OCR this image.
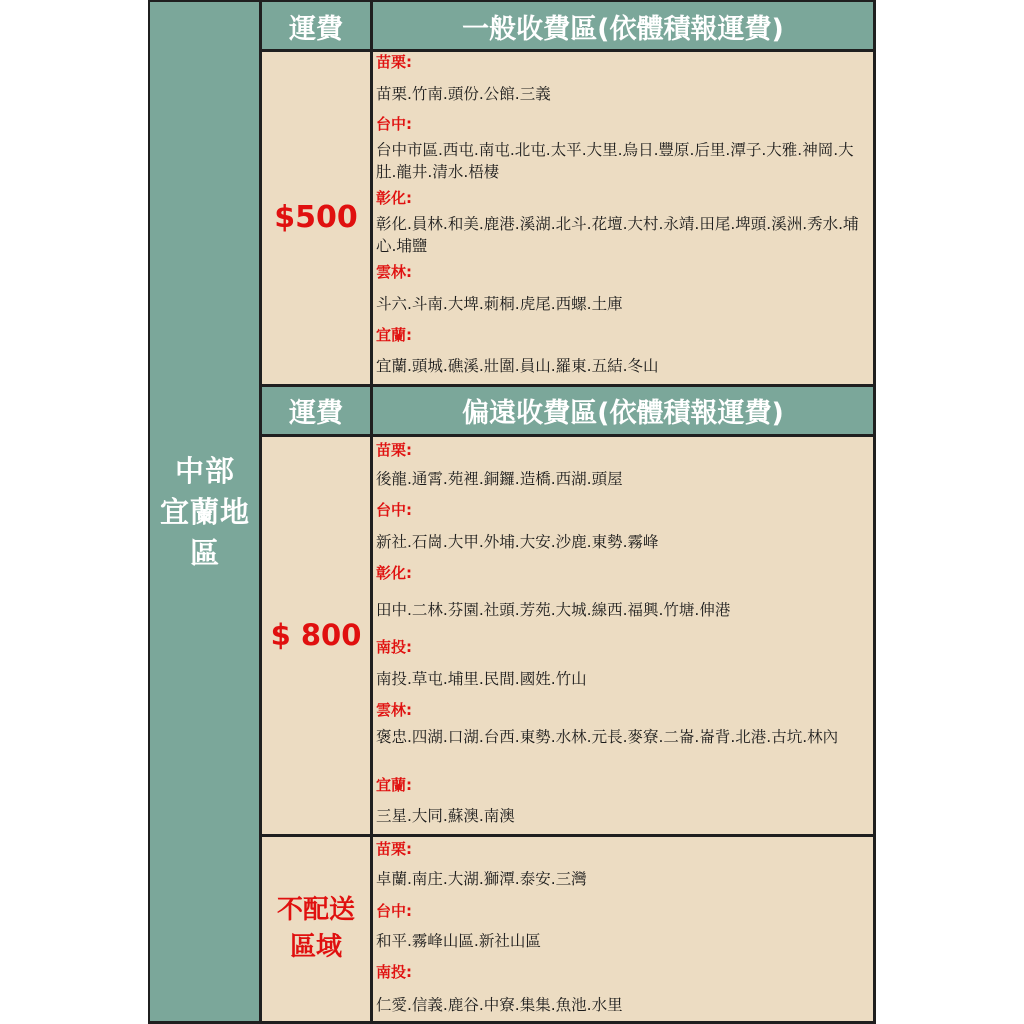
中部
宜蘭地
區
運費	一般收費區(依體積報運費)
$500
苗栗:
苗栗.竹南.頭份.公館.三義
台中:
台中市區.西屯.南屯.北屯.太平.大里.烏日.豐原.后里.潭子.大雅.神岡.大肚.龍井.清水.梧棲
彰化:
彰化.員林.和美.鹿港.溪湖.北斗.花壇.大村.永靖.田尾.埤頭.溪洲.秀水.埔心.埔鹽
雲林:
斗六.斗南.大埤.莿桐.虎尾.西螺.土庫
宜蘭:
宜蘭.頭城.礁溪.壯圍.員山.羅東.五結.冬山
運費	偏遠收費區(依體積報運費)
$ 800
苗栗:
後龍.通霄.苑裡.銅鑼.造橋.西湖.頭屋
台中:
新社.石崗.大甲.外埔.大安.沙鹿.東勢.霧峰
彰化:
田中.二林.芬園.社頭.芳苑.大城.線西.福興.竹塘.伸港
南投:
南投.草屯.埔里.民間.國姓.竹山
雲林:
褒忠.四湖.口湖.台西.東勢.水林.元長.麥寮.二崙.崙背.北港.古坑.林內
宜蘭:
三星.大同.蘇澳.南澳
不配送
區域
苗栗:
卓蘭.南庄.大湖.獅潭.泰安.三灣
台中:
和平.霧峰山區.新社山區
南投:
仁愛.信義.鹿谷.中寮.集集.魚池.水里
